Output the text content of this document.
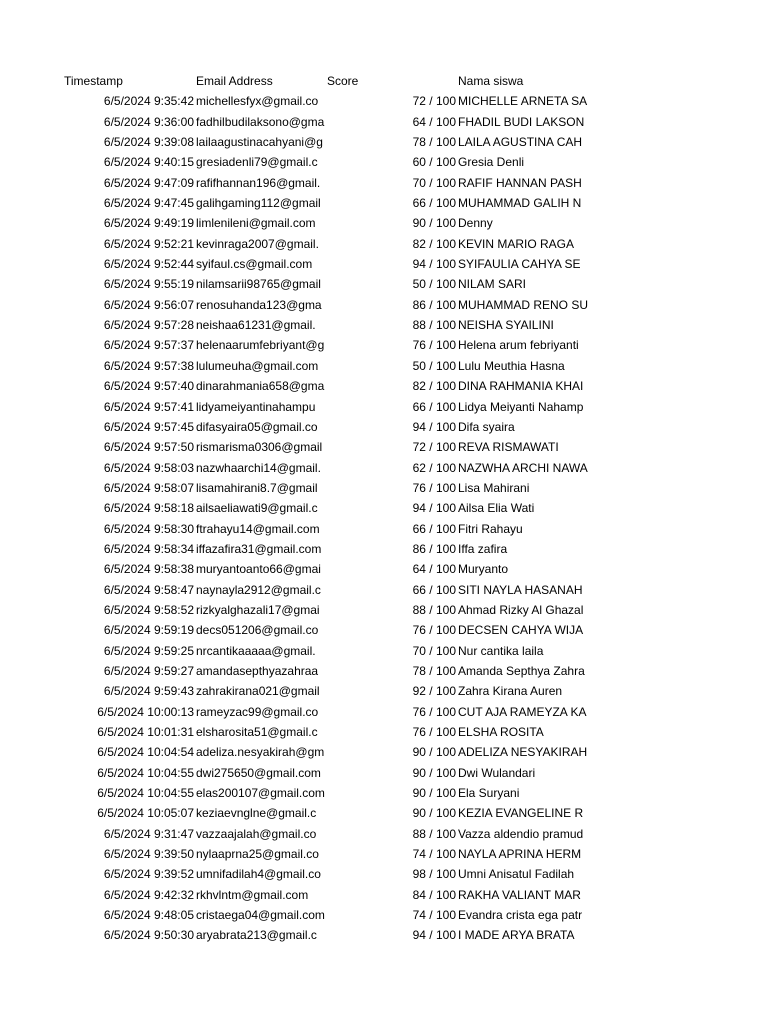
Timestamp	Email Address	Score	Nama siswa
6/5/2024 9:35:42 michellesfyx@gmail.co	72 / 100 MICHELLE ARNETA SA
6/5/2024 9:36:00 fadhilbudilaksono@gma	64 / 100 FHADIL BUDI LAKSON
6/5/2024 9:39:08 lailaagustinacahyani@g	78 / 100 LAILA AGUSTINA CAH
6/5/2024 9:40:15 gresiadenli79@gmail.c	60 / 100 Gresia Denli
6/5/2024 9:47:09 rafifhannan196@gmail.	70 / 100 RAFIF HANNAN PASH
6/5/2024 9:47:45 galihgaming112@gmail	66 / 100 MUHAMMAD GALIH N
6/5/2024 9:49:19 limlenileni@gmail.com	90 / 100 Denny
6/5/2024 9:52:21 kevinraga2007@gmail.	82 / 100 KEVIN MARIO RAGA
6/5/2024 9:52:44 syifaul.cs@gmail.com	94 / 100 SYIFAULIA CAHYA SE
6/5/2024 9:55:19 nilamsarii98765@gmail	50 / 100 NILAM SARI
6/5/2024 9:56:07 renosuhanda123@gma	86 / 100 MUHAMMAD RENO SU
6/5/2024 9:57:28 neishaa61231@gmail.	88 / 100 NEISHA SYAILINI
6/5/2024 9:57:37 helenaarumfebriyant@g	76 / 100 Helena arum febriyanti
6/5/2024 9:57:38 lulumeuha@gmail.com	50 / 100 Lulu Meuthia Hasna
6/5/2024 9:57:40 dinarahmania658@gma	82 / 100 DINA RAHMANIA KHAI
6/5/2024 9:57:41 lidyameiyantinahampu	66 / 100 Lidya Meiyanti Nahamp
6/5/2024 9:57:45 difasyaira05@gmail.co	94 / 100 Difa syaira
6/5/2024 9:57:50 rismarisma0306@gmail	72 / 100 REVA RISMAWATI
6/5/2024 9:58:03 nazwhaarchi14@gmail.	62 / 100 NAZWHA ARCHI NAWA
6/5/2024 9:58:07 lisamahirani8.7@gmail	76 / 100 Lisa Mahirani
6/5/2024 9:58:18 ailsaeliawati9@gmail.c	94 / 100 Ailsa Elia Wati
6/5/2024 9:58:30 ftrahayu14@gmail.com	66 / 100 Fitri Rahayu
6/5/2024 9:58:34 iffazafira31@gmail.com	86 / 100 Iffa zafira
6/5/2024 9:58:38 muryantoanto66@gmai	64 / 100 Muryanto
6/5/2024 9:58:47 naynayla2912@gmail.c	66 / 100 SITI NAYLA HASANAH
6/5/2024 9:58:52 rizkyalghazali17@gmai	88 / 100 Ahmad Rizky Al Ghazal
6/5/2024 9:59:19 decs051206@gmail.co	76 / 100 DECSEN CAHYA WIJA
6/5/2024 9:59:25 nrcantikaaaaa@gmail.	70 / 100 Nur cantika laila
6/5/2024 9:59:27 amandasepthyazahraa	78 / 100 Amanda Septhya Zahra
6/5/2024 9:59:43 zahrakirana021@gmail	92 / 100 Zahra Kirana Auren
6/5/2024 10:00:13 rameyzac99@gmail.co	76 / 100 CUT AJA RAMEYZA KA
6/5/2024 10:01:31 elsharosita51@gmail.c	76 / 100 ELSHA ROSITA
6/5/2024 10:04:54 adeliza.nesyakirah@gm	90 / 100 ADELIZA NESYAKIRAH
6/5/2024 10:04:55 dwi275650@gmail.com	90 / 100 Dwi Wulandari
6/5/2024 10:04:55 elas200107@gmail.com	90 / 100 Ela Suryani
6/5/2024 10:05:07 keziaevnglne@gmail.c	90 / 100 KEZIA EVANGELINE R
6/5/2024 9:31:47 vazzaajalah@gmail.co	88 / 100 Vazza aldendio pramud
6/5/2024 9:39:50 nylaaprna25@gmail.co	74 / 100 NAYLA APRINA HERM
6/5/2024 9:39:52 umnifadilah4@gmail.co	98 / 100 Umni Anisatul Fadilah
6/5/2024 9:42:32 rkhvlntm@gmail.com	84 / 100 RAKHA VALIANT MAR
6/5/2024 9:48:05 cristaega04@gmail.com	74 / 100 Evandra crista ega patr
6/5/2024 9:50:30 aryabrata213@gmail.c	94 / 100 I MADE ARYA BRATA
